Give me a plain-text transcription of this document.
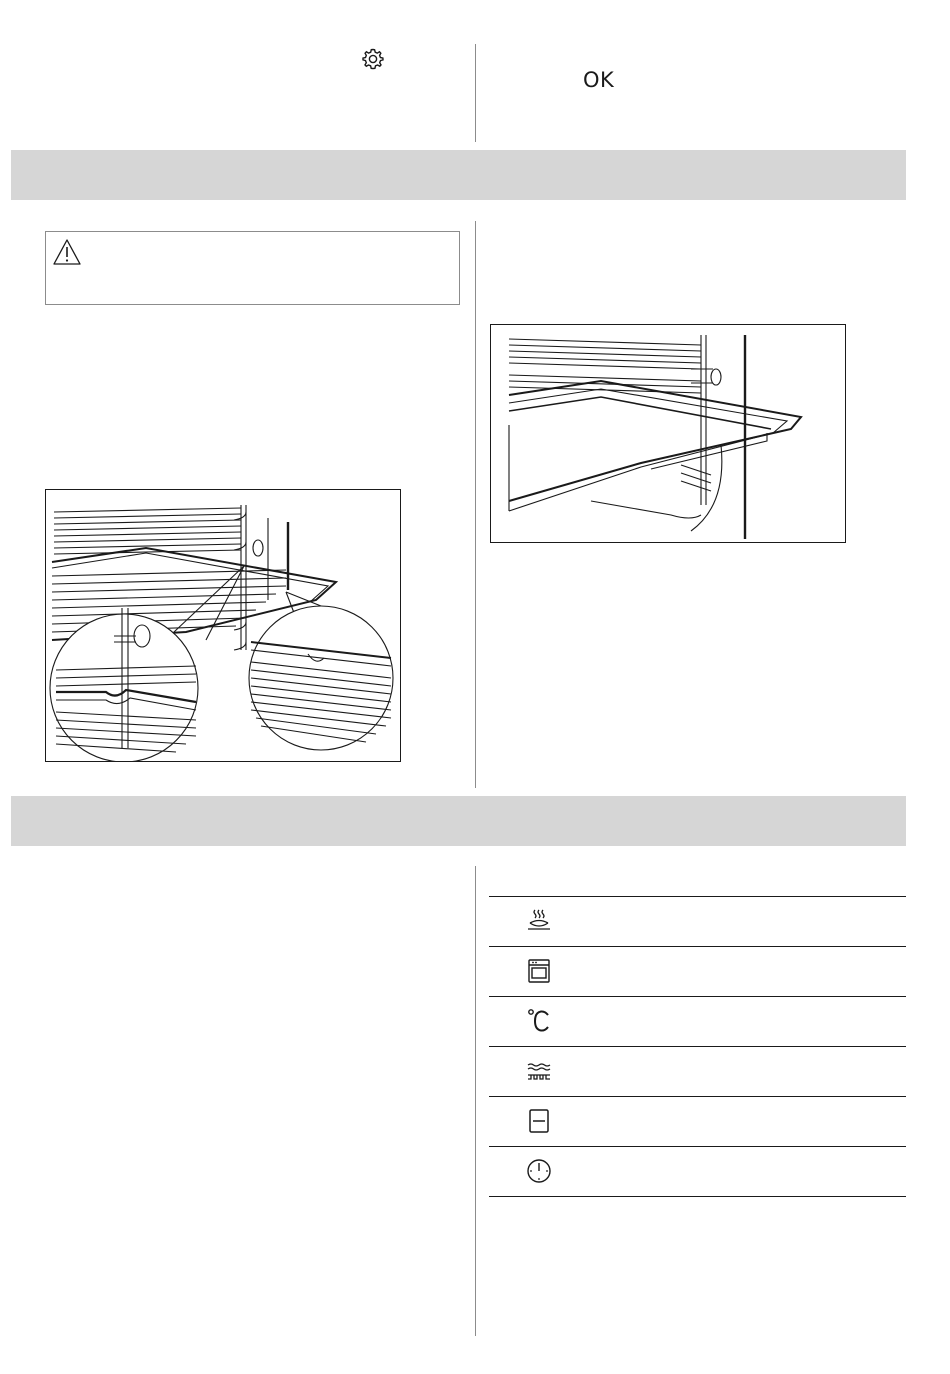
OK
